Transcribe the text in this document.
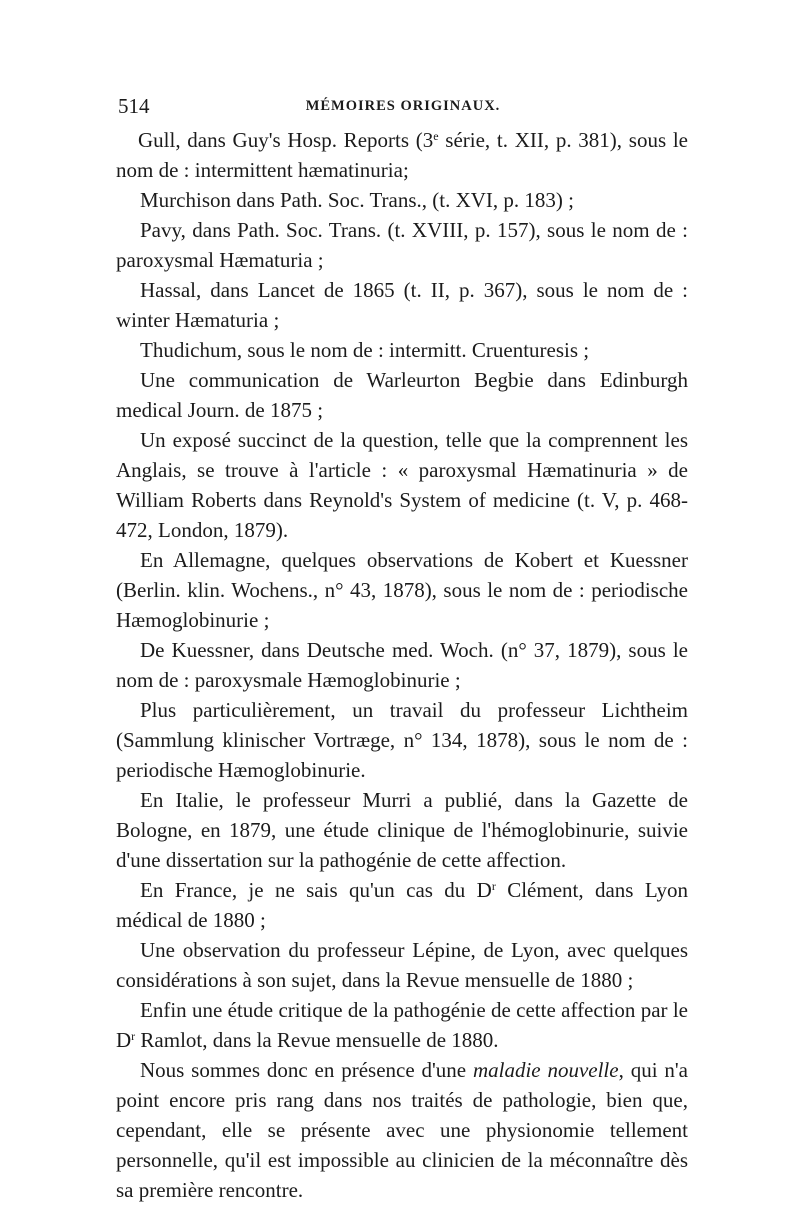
514	MÉMOIRES ORIGINAUX.

Gull, dans Guy's Hosp. Reports (3e série, t. XII, p. 381), sous le nom de : intermittent hæmatinuria;

Murchison dans Path. Soc. Trans., (t. XVI, p. 183) ;

Pavy, dans Path. Soc. Trans. (t. XVIII, p. 157), sous le nom de : paroxysmal Hæmaturia ;

Hassal, dans Lancet de 1865 (t. II, p. 367), sous le nom de : winter Hæmaturia ;

Thudichum, sous le nom de : intermitt. Cruenturesis ;

Une communication de Warleurton Begbie dans Edinburgh medical Journ. de 1875 ;

Un exposé succinct de la question, telle que la comprennent les Anglais, se trouve à l'article : « paroxysmal Hæmatinuria » de William Roberts dans Reynold's System of medicine (t. V, p. 468-472, London, 1879).

En Allemagne, quelques observations de Kobert et Kuessner (Berlin. klin. Wochens., n° 43, 1878), sous le nom de : periodische Hæmoglobinurie ;

De Kuessner, dans Deutsche med. Woch. (n° 37, 1879), sous le nom de : paroxysmale Hæmoglobinurie ;

Plus particulièrement, un travail du professeur Lichtheim (Sammlung klinischer Vortræge, n° 134, 1878), sous le nom de : periodische Hæmoglobinurie.

En Italie, le professeur Murri a publié, dans la Gazette de Bologne, en 1879, une étude clinique de l'hémoglobinurie, suivie d'une dissertation sur la pathogénie de cette affection.

En France, je ne sais qu'un cas du $D^r$ Clément, dans Lyon médical de 1880 ;

Une observation du professeur Lépine, de Lyon, avec quelques considérations à son sujet, dans la Revue mensuelle de 1880 ;

Enfin une étude critique de la pathogénie de cette affection par le $D^r$ Ramlot, dans la Revue mensuelle de 1880.

Nous sommes donc en présence d'une maladie nouvelle, qui n'a point encore pris rang dans nos traités de pathologie, bien que, cependant, elle se présente avec une physionomie tellement personnelle, qu'il est impossible au clinicien de la méconnaître dès sa première rencontre.
